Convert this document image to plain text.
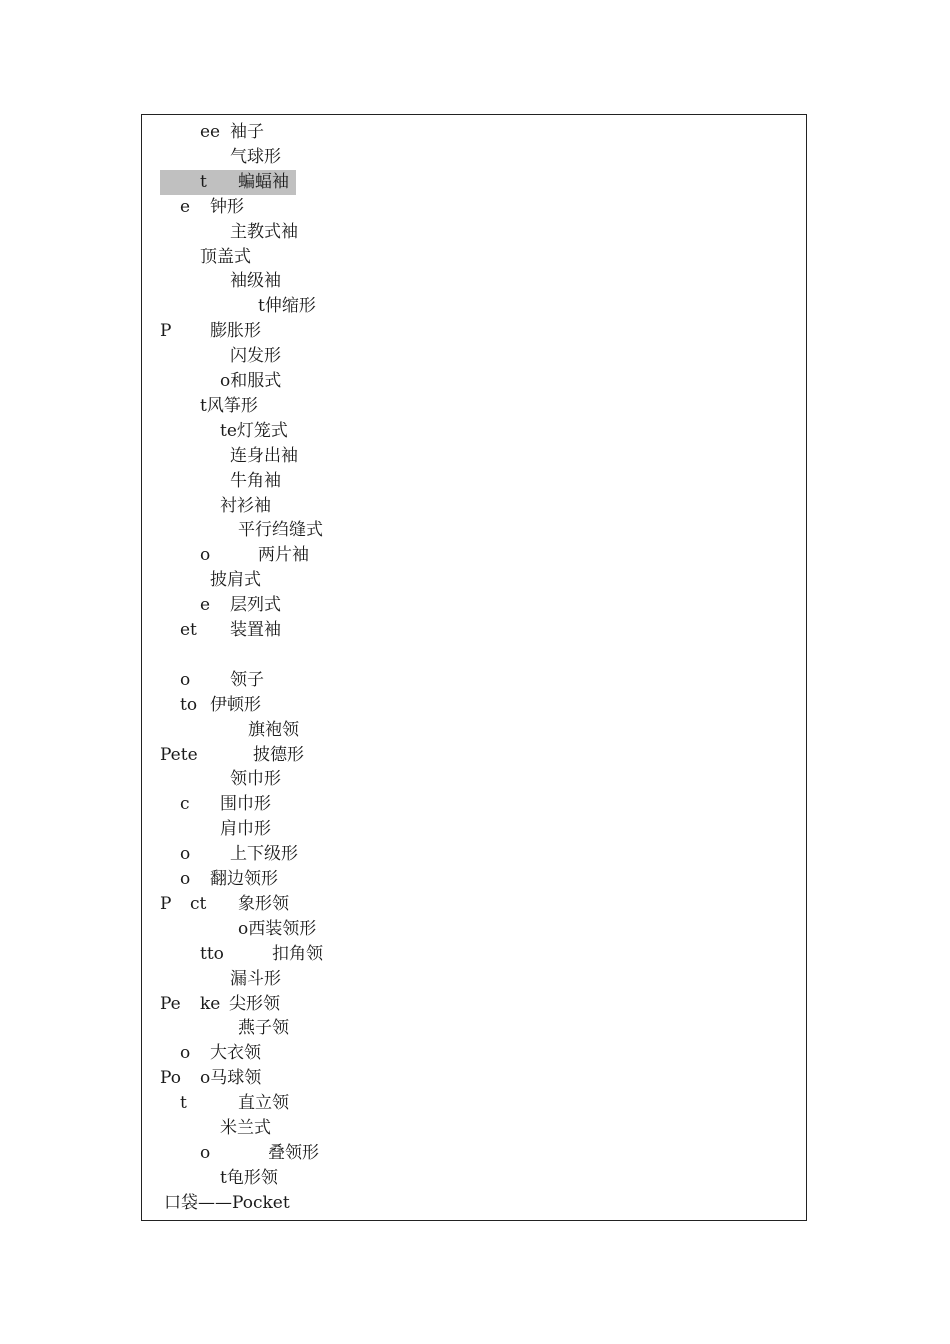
ee 袖子
气球形
t 蝙蝠袖
e 钟形
主教式袖
顶盖式
袖级袖
t伸缩形
P 膨胀形
闪发形
o和服式
t风筝形
te灯笼式
连身出袖
牛角袖
衬衫袖
平行绉缝式
o	两片袖
披肩式
e 层列式
et 装置袖
o 领子
to 伊顿形
旗袍领
Pete	披德形
领巾形
c 围巾形
肩巾形
o 上下级形
o 翻边领形
P ct 象形领
o西装领形
tto	扣角领
漏斗形
Pe ke 尖形领
燕子领
o 大衣领
Po o马球领
t	直立领
米兰式
o	叠领形
t龟形领
口袋——Pocket
